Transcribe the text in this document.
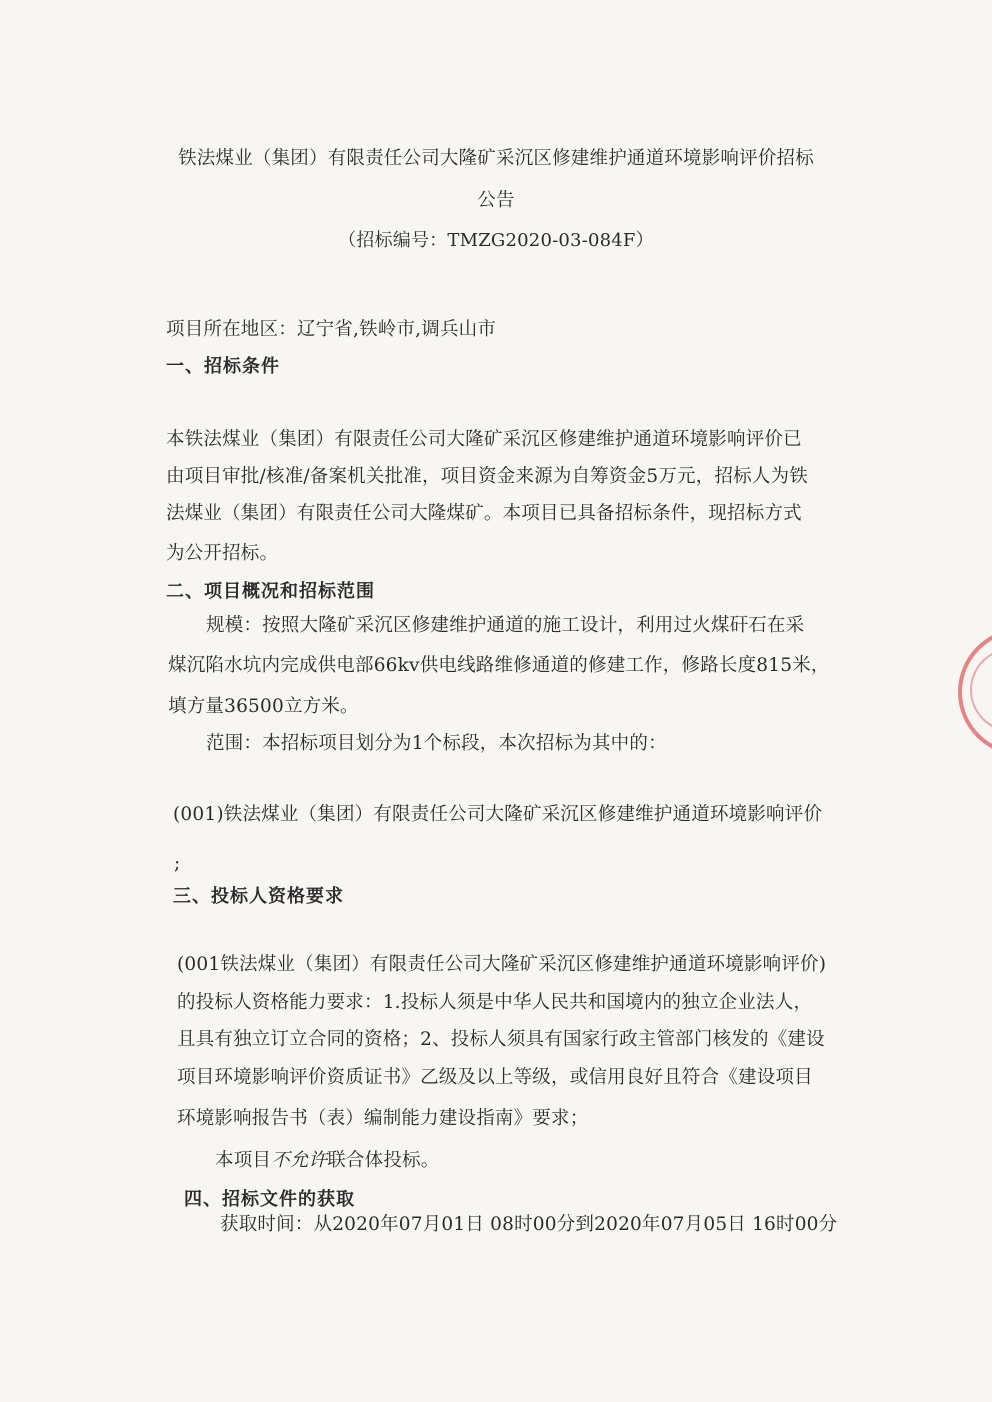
铁法煤业（集团）有限责任公司大隆矿采沉区修建维护通道环境影响评价招标
公告
（招标编号：TMZG2020-03-084F）
项目所在地区：辽宁省,铁岭市,调兵山市
一、招标条件
本铁法煤业（集团）有限责任公司大隆矿采沉区修建维护通道环境影响评价已
由项目审批/核准/备案机关批准，项目资金来源为自筹资金5万元，招标人为铁
法煤业（集团）有限责任公司大隆煤矿。本项目已具备招标条件，现招标方式
为公开招标。
二、项目概况和招标范围
规模：按照大隆矿采沉区修建维护通道的施工设计，利用过火煤矸石在采
煤沉陷水坑内完成供电部66kv供电线路维修通道的修建工作，修路长度815米，
填方量36500立方米。
范围：本招标项目划分为1个标段，本次招标为其中的：
(001)铁法煤业（集团）有限责任公司大隆矿采沉区修建维护通道环境影响评价
;
三、投标人资格要求
(001铁法煤业（集团）有限责任公司大隆矿采沉区修建维护通道环境影响评价)
的投标人资格能力要求：1.投标人须是中华人民共和国境内的独立企业法人，
且具有独立订立合同的资格；2、投标人须具有国家行政主管部门核发的《建设
项目环境影响评价资质证书》乙级及以上等级，或信用良好且符合《建设项目
环境影响报告书（表）编制能力建设指南》要求；
本项目不允许联合体投标。
四、招标文件的获取
获取时间：从2020年07月01日 08时00分到2020年07月05日 16时00分
